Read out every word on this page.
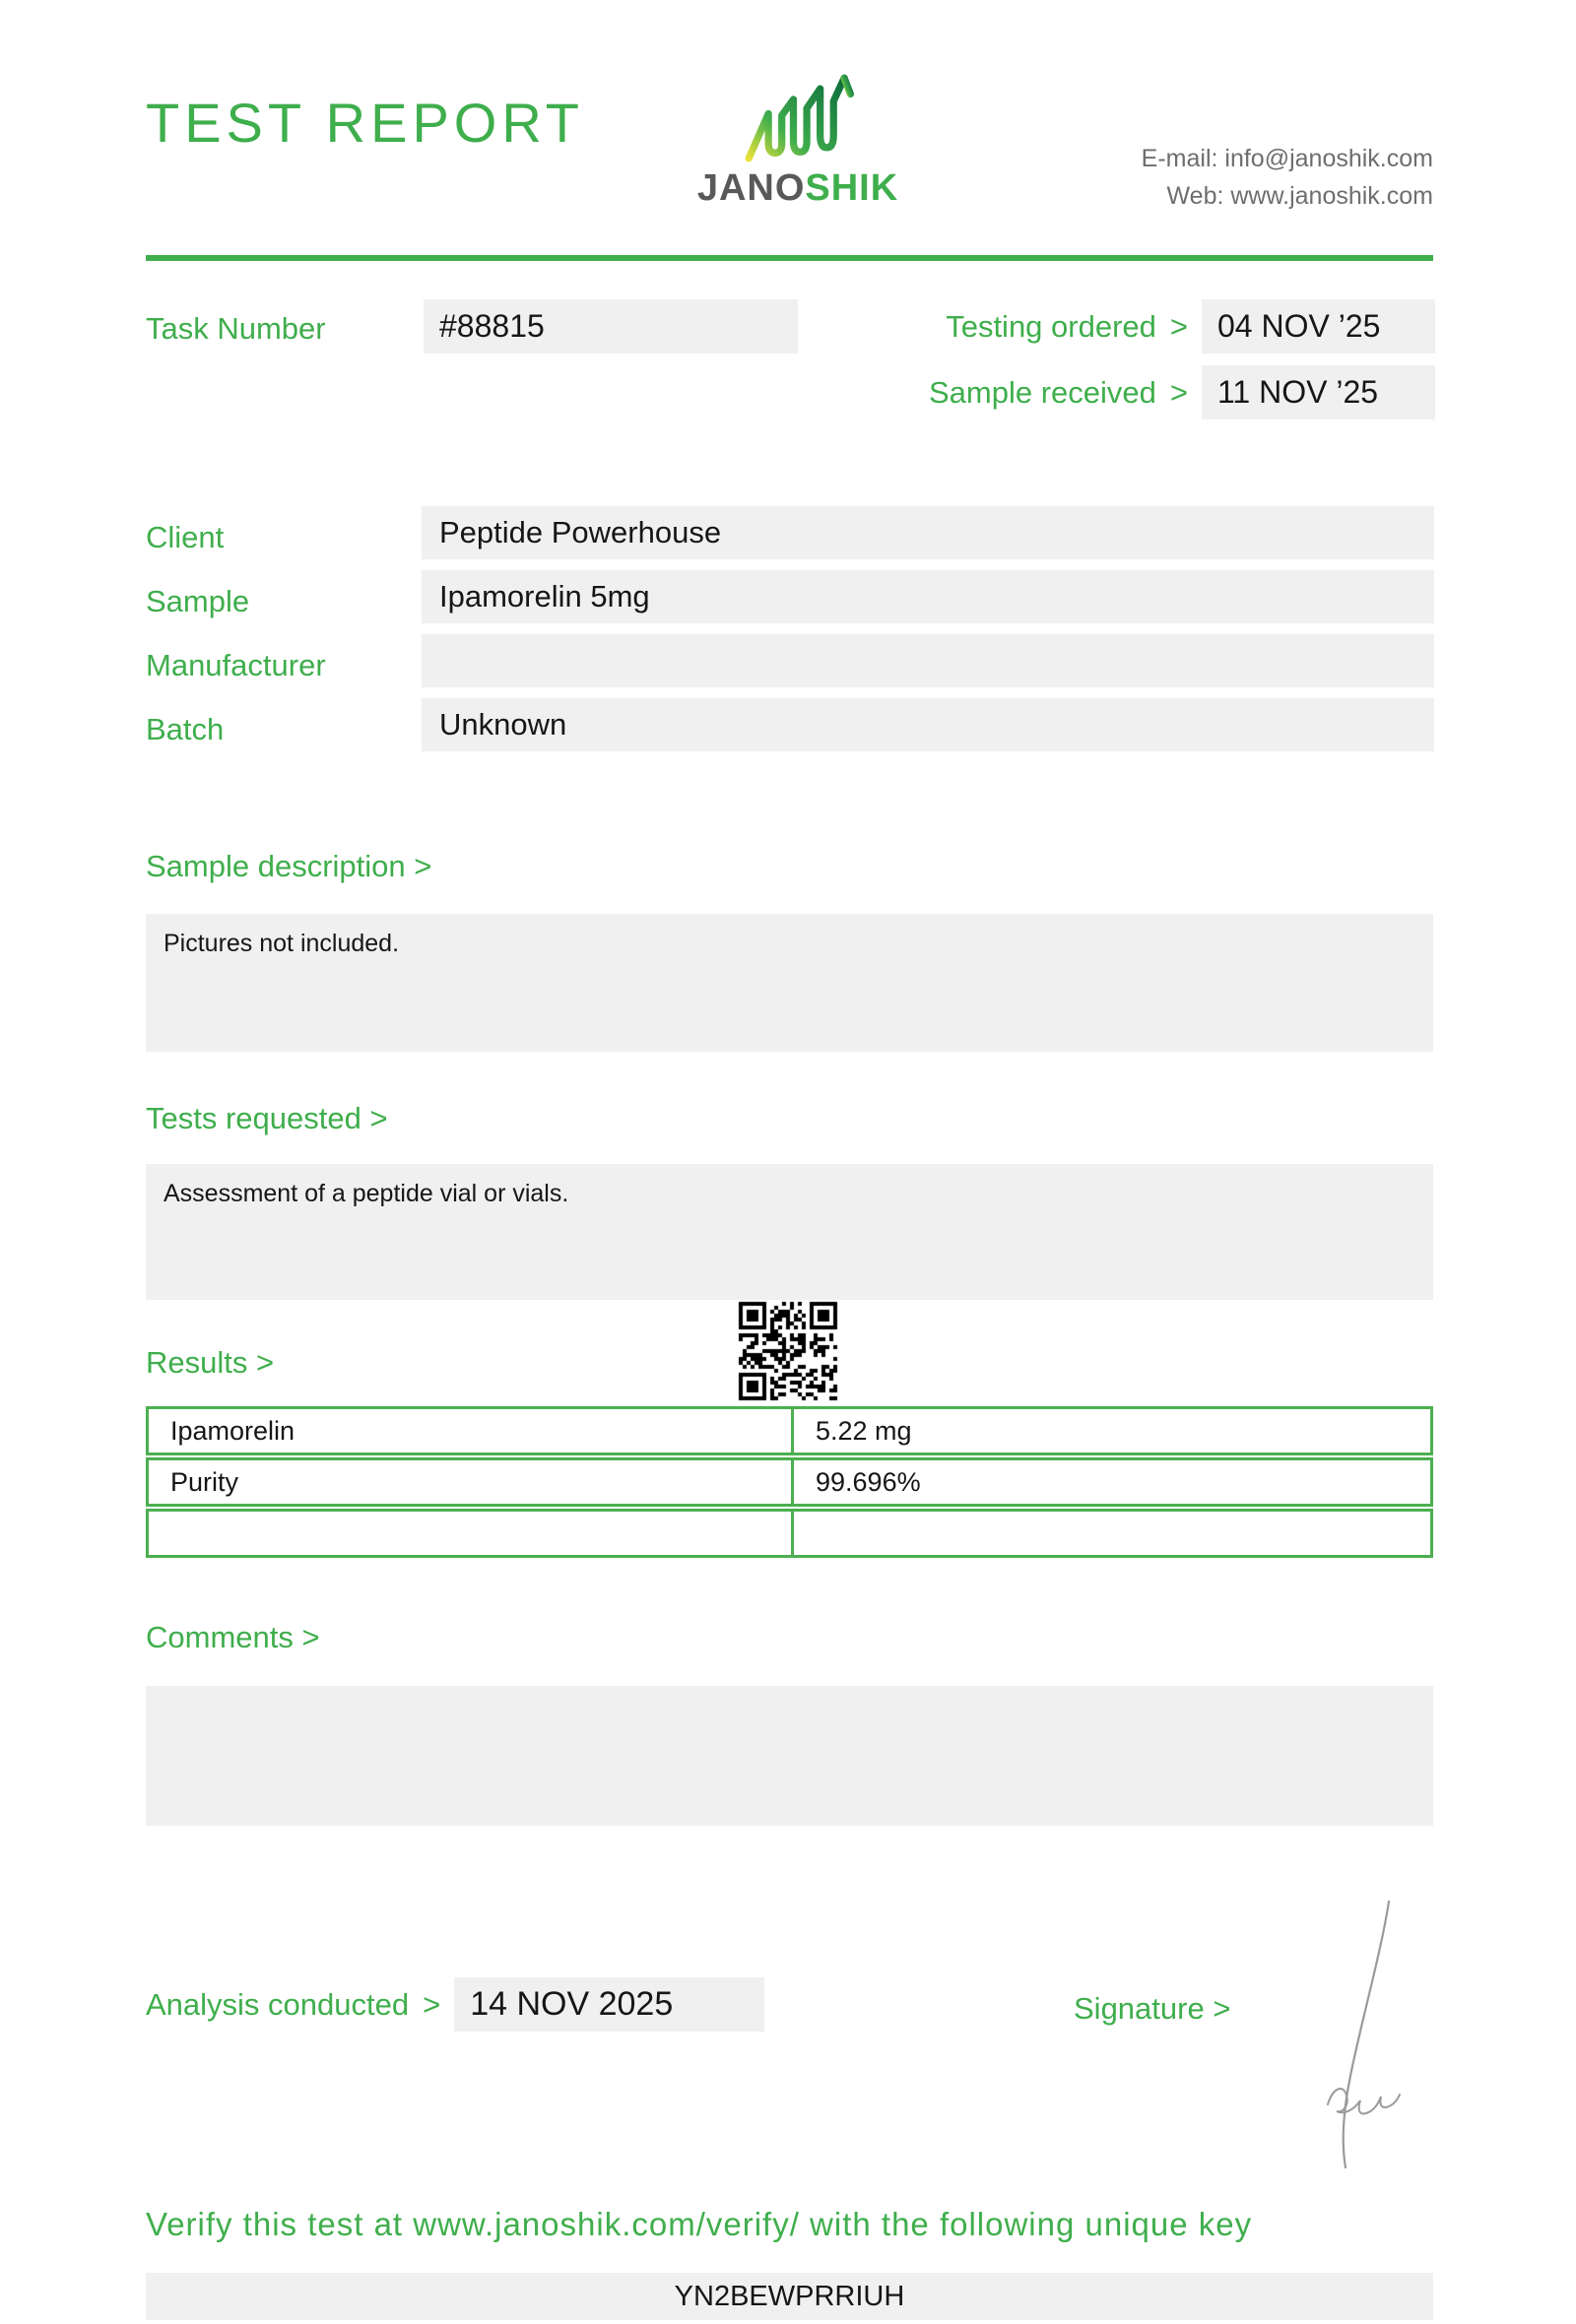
TEST REPORT
JANOSHIK
E-mail: info@janoshik.com
Web: www.janoshik.com
Task Number	#88815	Testing ordered > 04 NOV ’25
Sample received > 11 NOV ’25
Client	Peptide Powerhouse
Sample	Ipamorelin 5mg
Manufacturer
Batch	Unknown
Sample description >
Pictures not included.
Tests requested >
Assessment of a peptide vial or vials.
Results >
Ipamorelin	5.22 mg
Purity	99.696%
Comments >
Analysis conducted > 14 NOV 2025	Signature >
Verify this test at www.janoshik.com/verify/ with the following unique key
YN2BEWPRRIUH
